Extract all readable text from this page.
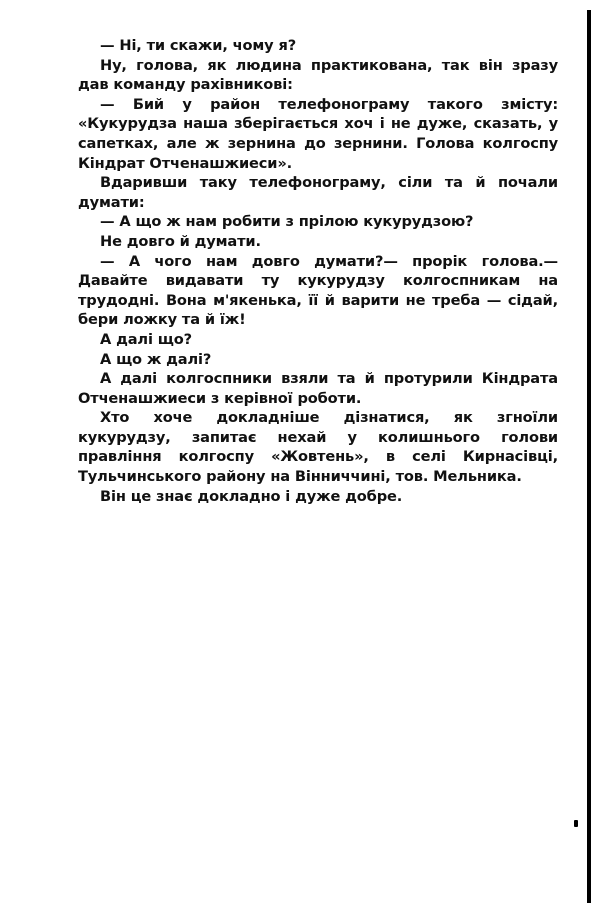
— Ні, ти скажи, чому я?

Ну, голова, як людина практикована, так він зразу дав команду рахівникові:

— Бий у район телефонограму такого змісту: «Кукурудза наша зберігається хоч і не дуже, сказать, у сапетках, але ж зернина до зернини. Голова колгоспу Кіндрат Отченашжиеси».

Вдаривши таку телефонограму, сіли та й почали думати:

— А що ж нам робити з прілою кукурудзою?

Не довго й думати.

— А чого нам довго думати?— прорік голова.— Давайте видавати ту кукурудзу колгоспникам на трудодні. Вона м'якенька, її й варити не треба — сідай, бери ложку та й їж!

А далі що?

А що ж далі?

А далі колгоспники взяли та й протурили Кіндрата Отченашжиеси з керівної роботи.

Хто хоче докладніше дізнатися, як згноїли кукурудзу, запитає нехай у колишнього голови правління колгоспу «Жовтень», в селі Кирнасівці, Тульчинського району на Вінниччині, тов. Мельника.

Він це знає докладно і дуже добре.
